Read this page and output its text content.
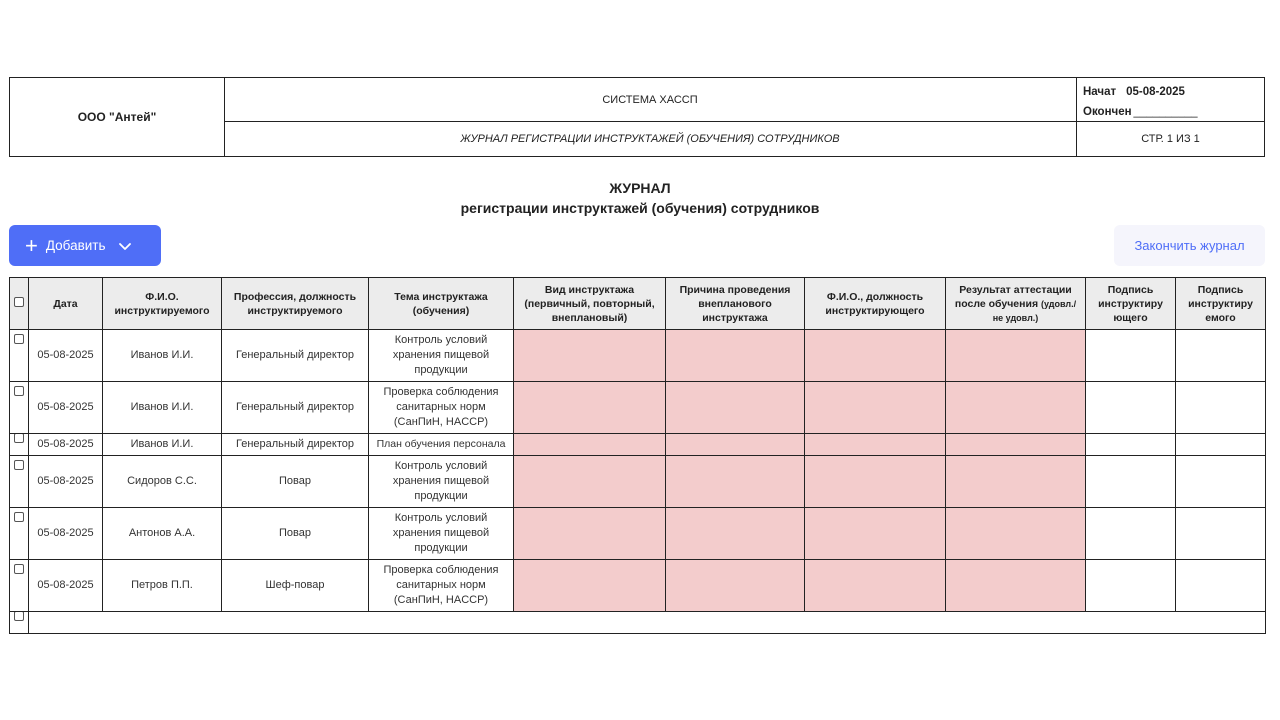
ООО "Антей"
СИСТЕМА ХАССП
ЖУРНАЛ РЕГИСТРАЦИИ ИНСТРУКТАЖЕЙ (ОБУЧЕНИЯ) СОТРУДНИКОВ
Начат 05-08-2025
Окончен __________
СТР. 1 ИЗ 1
ЖУРНАЛ
регистрации инструктажей (обучения) сотрудников
+ Добавить	Закончить журнал
	Дата	Ф.И.О. инструктируемого	Профессия, должность инструктируемого	Тема инструктажа (обучения)	Вид инструктажа (первичный, повторный, внеплановый)	Причина проведения внепланового инструктажа	Ф.И.О., должность инструктирующего	Результат аттестации после обучения (удовл./ не удовл.)	Подпись инструктиру ющего	Подпись инструктиру емого
	05-08-2025	Иванов И.И.	Генеральный директор	Контроль условий хранения пищевой продукции						
	05-08-2025	Иванов И.И.	Генеральный директор	Проверка соблюдения санитарных норм (СанПиН, HACCP)						
	05-08-2025	Иванов И.И.	Генеральный директор	План обучения персонала						
	05-08-2025	Сидоров С.С.	Повар	Контроль условий хранения пищевой продукции						
	05-08-2025	Антонов А.А.	Повар	Контроль условий хранения пищевой продукции						
	05-08-2025	Петров П.П.	Шеф-повар	Проверка соблюдения санитарных норм (СанПиН, HACCP)						
